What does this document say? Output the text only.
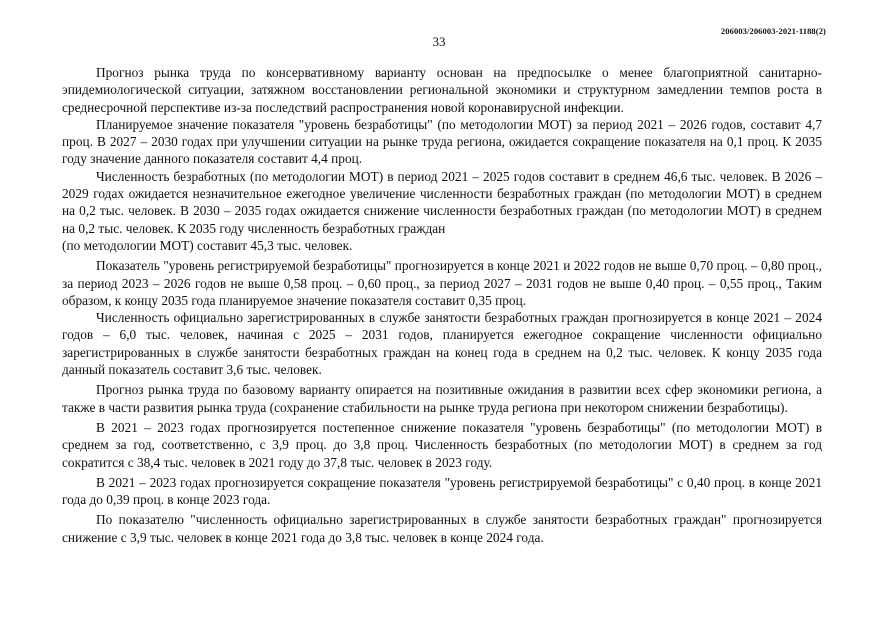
206003/206003-2021-1188(2)
33

Прогноз рынка труда по консервативному варианту основан на предпосылке о менее благоприятной санитарно-эпидемиологической ситуации, затяжном восстановлении региональной экономики и структурном замедлении темпов роста в среднесрочной перспективе из-за последствий распространения новой коронавирусной инфекции.

Планируемое значение показателя "уровень безработицы" (по методологии МОТ) за период 2021 – 2026 годов, составит 4,7 проц. В 2027 – 2030 годах при улучшении ситуации на рынке труда региона, ожидается сокращение показателя на 0,1 проц. К 2035 году значение данного показателя составит 4,4 проц.

Численность безработных (по методологии МОТ) в период 2021 – 2025 годов составит в среднем 46,6 тыс. человек. В 2026 – 2029 годах ожидается незначительное ежегодное увеличение численности безработных граждан (по методологии МОТ) в среднем на 0,2 тыс. человек. В 2030 – 2035 годах ожидается снижение численности безработных граждан (по методологии МОТ) в среднем на 0,2 тыс. человек. К 2035 году численность безработных граждан

(по методологии МОТ) составит 45,3 тыс. человек.

Показатель "уровень регистрируемой безработицы" прогнозируется в конце 2021 и 2022 годов не выше 0,70 проц. – 0,80 проц., за период 2023 – 2026 годов не выше 0,58 проц. – 0,60 проц., за период 2027 – 2031 годов не выше 0,40 проц. – 0,55 проц., Таким образом, к концу 2035 года планируемое значение показателя составит 0,35 проц.

Численность официально зарегистрированных в службе занятости безработных граждан прогнозируется в конце 2021 – 2024 годов – 6,0 тыс. человек, начиная с 2025 – 2031 годов, планируется ежегодное сокращение численности официально зарегистрированных в службе занятости безработных граждан на конец года в среднем на 0,2 тыс. человек. К концу 2035 года данный показатель составит 3,6 тыс. человек.

Прогноз рынка труда по базовому варианту опирается на позитивные ожидания в развитии всех сфер экономики региона, а также в части развития рынка труда (сохранение стабильности на рынке труда региона при некотором снижении безработицы).

В 2021 – 2023 годах прогнозируется постепенное снижение показателя "уровень безработицы" (по методологии МОТ) в среднем за год, соответственно, с 3,9 проц. до 3,8 проц. Численность безработных (по методологии МОТ) в среднем за год сократится с 38,4 тыс. человек в 2021 году до 37,8 тыс. человек в 2023 году.

В 2021 – 2023 годах прогнозируется сокращение показателя "уровень регистрируемой безработицы" с 0,40 проц. в конце 2021 года до 0,39 проц. в конце 2023 года.

По показателю "численность официально зарегистрированных в службе занятости безработных граждан" прогнозируется снижение с 3,9 тыс. человек в конце 2021 года до 3,8 тыс. человек в конце 2024 года.
